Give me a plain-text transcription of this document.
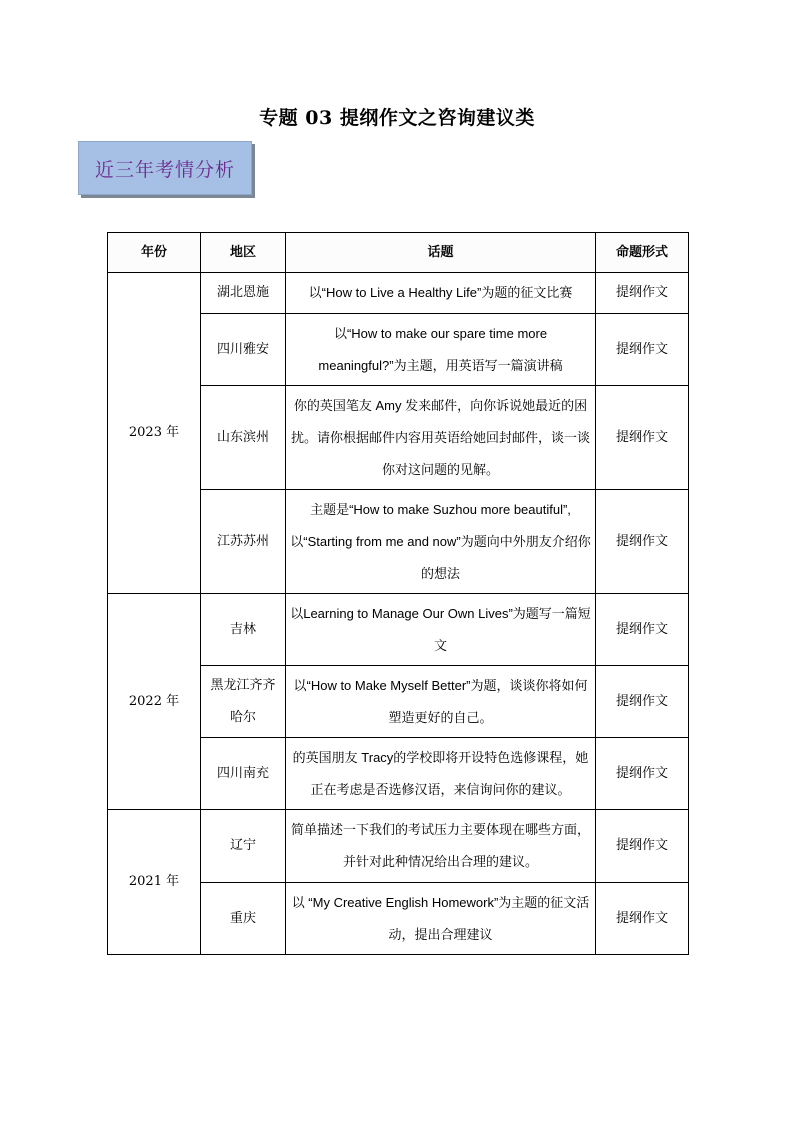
专题 03 提纲作文之咨询建议类
近三年考情分析
年份	地区	话题	命题形式
2023 年	湖北恩施	以“How to Live a Healthy Life”为题的征文比赛	提纲作文
	四川雅安	以“How to make our spare time more meaningful?”为主题，用英语写一篇演讲稿	提纲作文
	山东滨州	你的英国笔友 Amy 发来邮件，向你诉说她最近的困扰。请你根据邮件内容用英语给她回封邮件，谈一谈你对这问题的见解。	提纲作文
	江苏苏州	主题是“How to make Suzhou more beautiful”,以“Starting from me and now”为题向中外朋友介绍你的想法	提纲作文
2022 年	吉林	以Learning to Manage Our Own Lives”为题写一篇短文	提纲作文
	黑龙江齐齐哈尔	以“How to Make Myself Better”为题，谈谈你将如何塑造更好的自己。	提纲作文
	四川南充	的英国朋友 Tracy的学校即将开设特色选修课程，她正在考虑是否选修汉语，来信询问你的建议。	提纲作文
2021 年	辽宁	简单描述一下我们的考试压力主要体现在哪些方面，并针对此种情况给出合理的建议。	提纲作文
	重庆	以 “My Creative English Homework”为主题的征文活动，提出合理建议	提纲作文
